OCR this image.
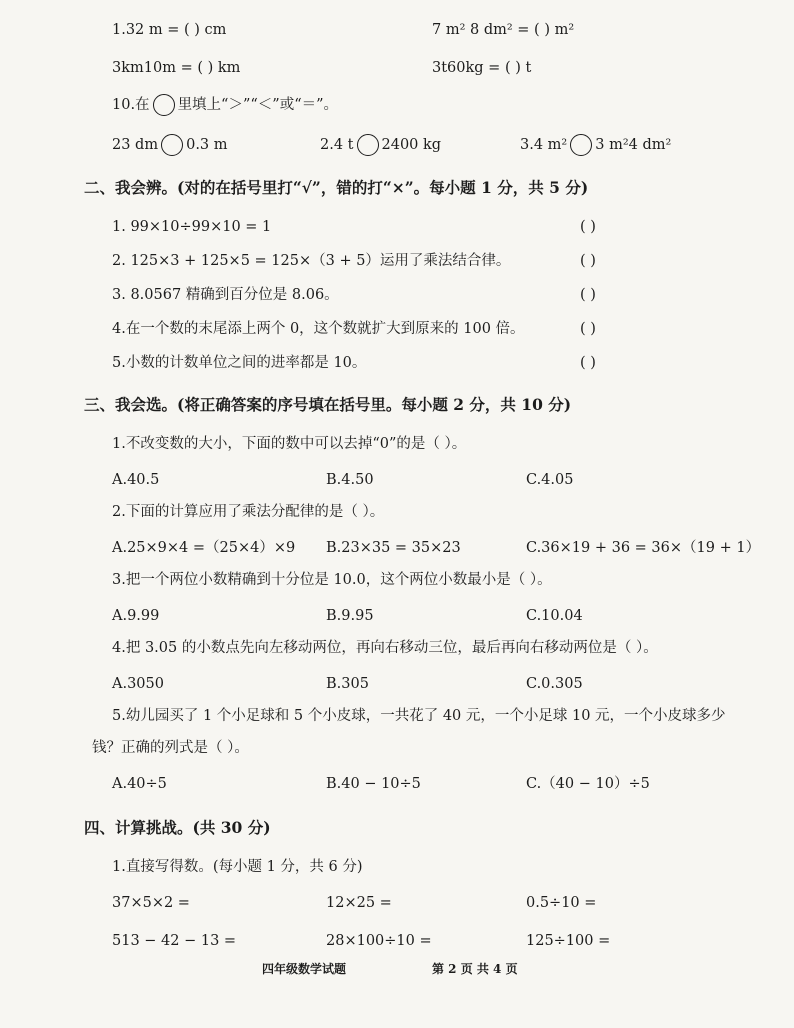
1.32 m = ( ) cm	7 m² 8 dm² = ( ) m²
3km10m = ( ) km	3t60kg = ( ) t
10.在 里填上“＞”“＜”或“＝”。
23 dm 0.3 m	2.4 t 2400 kg	3.4 m² 3 m²4 dm²
二、我会辨。(对的在括号里打“√”，错的打“×”。每小题 1 分，共 5 分)
1. 99×10÷99×10 = 1	( )
2. 125×3 + 125×5 = 125×（3 + 5）运用了乘法结合律。	( )
3. 8.0567 精确到百分位是 8.06。	( )
4.在一个数的末尾添上两个 0，这个数就扩大到原来的 100 倍。	( )
5.小数的计数单位之间的进率都是 10。	( )
三、我会选。(将正确答案的序号填在括号里。每小题 2 分，共 10 分)
1.不改变数的大小，下面的数中可以去掉“0”的是（ ）。
A.40.5	B.4.50	C.4.05
2.下面的计算应用了乘法分配律的是（ ）。
A.25×9×4 =（25×4）×9 B.23×35 = 35×23	C.36×19 + 36 = 36×（19 + 1）
3.把一个两位小数精确到十分位是 10.0，这个两位小数最小是（ ）。
A.9.99	B.9.95	C.10.04
4.把 3.05 的小数点先向左移动两位，再向右移动三位，最后再向右移动两位是（ ）。
A.3050	B.305	C.0.305
5.幼儿园买了 1 个小足球和 5 个小皮球，一共花了 40 元，一个小足球 10 元，一个小皮球多少
钱？正确的列式是（ ）。
A.40÷5	B.40 − 10÷5	C.（40 − 10）÷5
四、计算挑战。(共 30 分)
1.直接写得数。(每小题 1 分，共 6 分)
37×5×2 =	12×25 =	0.5÷10 =
513 − 42 − 13 =	28×100÷10 =	125÷100 =
四年级数学试题	第 2 页 共 4 页
